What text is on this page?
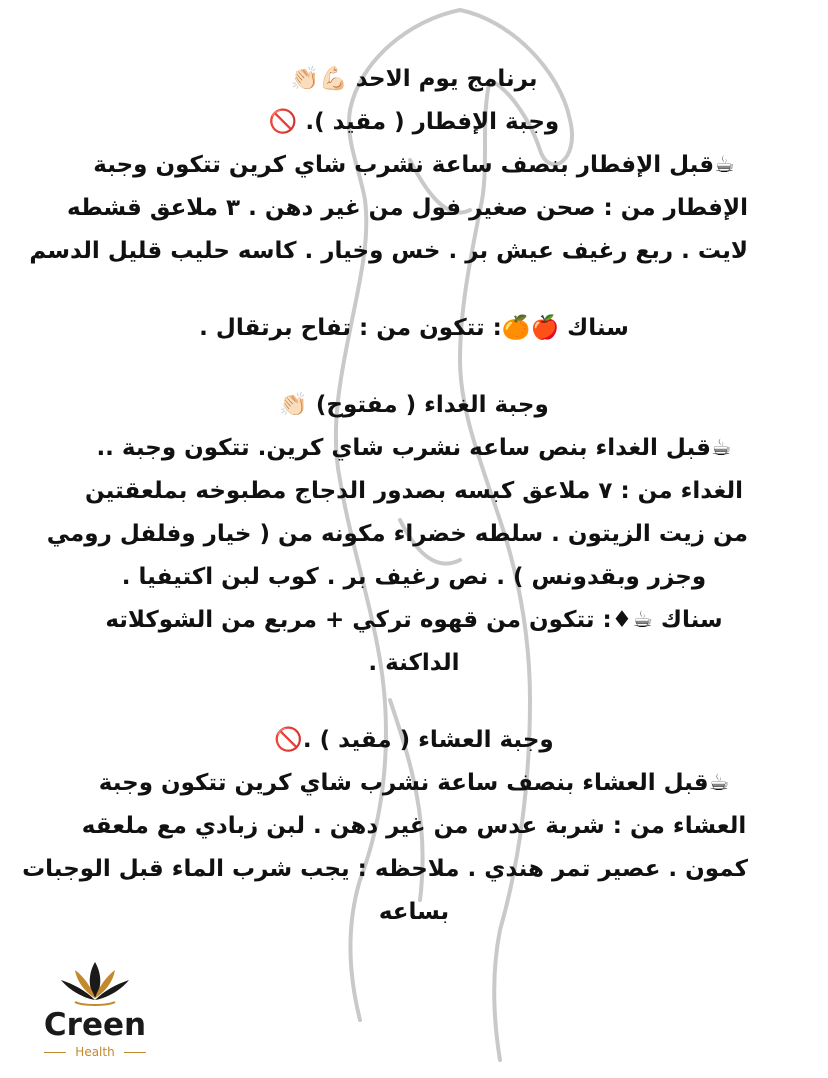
برنامج يوم الاحد 💪🏻👏🏻
وجبة الإفطار ( مقيد ). 🚫
☕قبل الإفطار بنصف ساعة نشرب شاي كرين تتكون وجبة
الإفطار من : صحن صغير فول من غير دهن . ٣ ملاعق قشطه
لايت . ربع رغيف عيش بر . خس وخيار . كاسه حليب قليل الدسم
سناك 🍎🍊: تتكون من : تفاح برتقال .
وجبة الغداء ( مفتوح) 👏🏻
☕قبل الغداء بنص ساعه نشرب شاي كرين. تتكون وجبة ..
الغداء من : ٧ ملاعق كبسه بصدور الدجاج مطبوخه بملعقتين
من زيت الزيتون . سلطه خضراء مكونه من ( خيار وفلفل رومي
وجزر وبقدونس ) . نص رغيف بر . كوب لبن اكتيفيا .
سناك ☕♦: تتكون من قهوه تركي + مربع من الشوكلاته
الداكنة .
وجبة العشاء ( مقيد ) .🚫
☕قبل العشاء بنصف ساعة نشرب شاي كرين تتكون وجبة
العشاء من : شربة عدس من غير دهن . لبن زبادي مع ملعقه
كمون . عصير تمر هندي . ملاحظه : يجب شرب الماء قبل الوجبات
بساعه
Creen
Health
